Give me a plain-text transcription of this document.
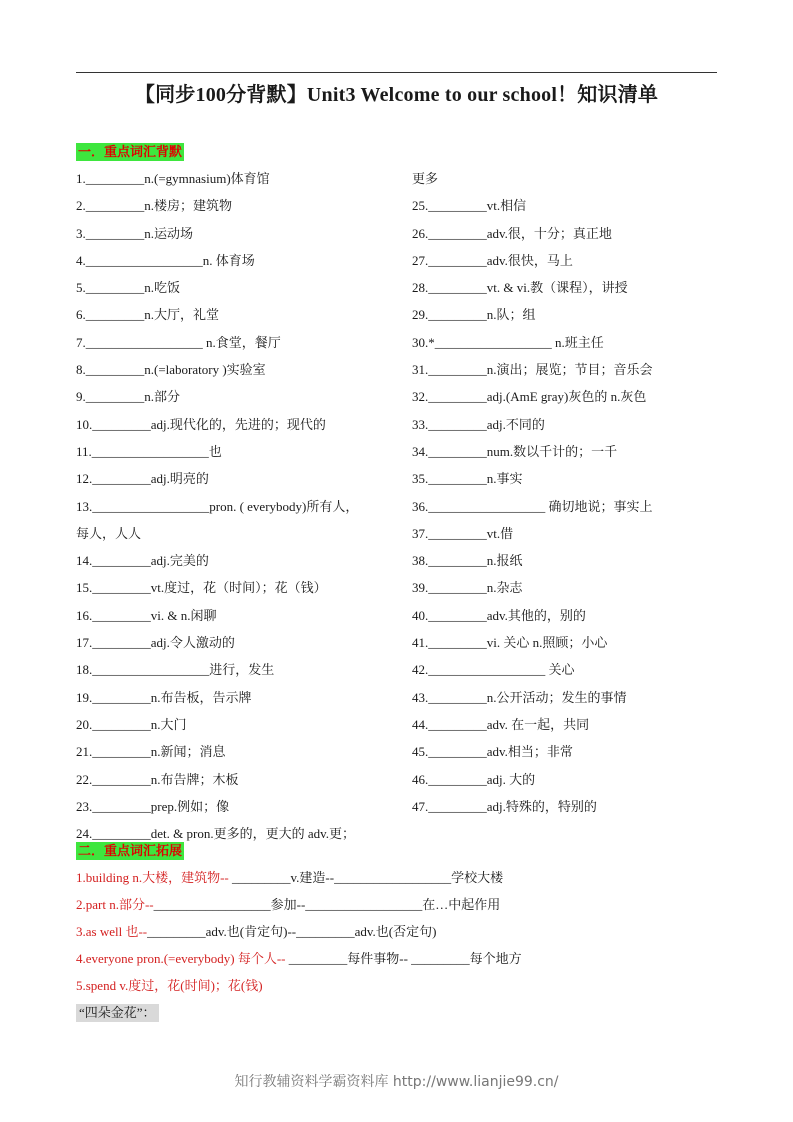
【同步100分背默】Unit3 Welcome to our school！知识清单
一．重点词汇背默
1._________n.(=gymnasium)体育馆
2._________n.楼房；建筑物
3._________n.运动场
4.__________________n. 体育场
5._________n.吃饭
6._________n.大厅，礼堂
7.__________________ n.食堂，餐厅
8._________n.(=laboratory )实验室
9._________n.部分
10._________adj.现代化的，先进的；现代的
11.__________________也
12._________adj.明亮的
13.__________________pron. ( everybody)所有人，
每人，人人
14._________adj.完美的
15._________vt.度过，花（时间）；花（钱）
16._________vi. & n.闲聊
17._________adj.令人激动的
18.__________________进行，发生
19._________n.布告板，告示牌
20._________n.大门
21._________n.新闻；消息
22._________n.布告牌；木板
23._________prep.例如；像
24._________det. & pron.更多的，更大的 adv.更；
更多
25._________vt.相信
26._________adv.很，十分；真正地
27._________adv.很快，马上
28._________vt. & vi.教（课程），讲授
29._________n.队；组
30.*__________________ n.班主任
31._________n.演出；展览；节目；音乐会
32._________adj.(AmE gray)灰色的 n.灰色
33._________adj.不同的
34._________num.数以千计的；一千
35._________n.事实
36.__________________ 确切地说；事实上
37._________vt.借
38._________n.报纸
39._________n.杂志
40._________adv.其他的，别的
41._________vi. 关心 n.照顾；小心
42.__________________ 关心
43._________n.公开活动；发生的事情
44._________adv. 在一起，共同
45._________adv.相当；非常
46._________adj. 大的
47._________adj.特殊的，特别的
二．重点词汇拓展
1.building n.大楼，建筑物-- _________v.建造--__________________学校大楼
2.part n.部分--__________________参加--__________________在…中起作用
3.as well 也--_________adv.也(肯定句)--_________adv.也(否定句)
4.everyone pron.(=everybody) 每个人-- _________每件事物-- _________每个地方
5.spend v.度过，花(时间)；花(钱)
“四朵金花”：
知行教辅资料学霸资料库 http://www.lianjie99.cn/
